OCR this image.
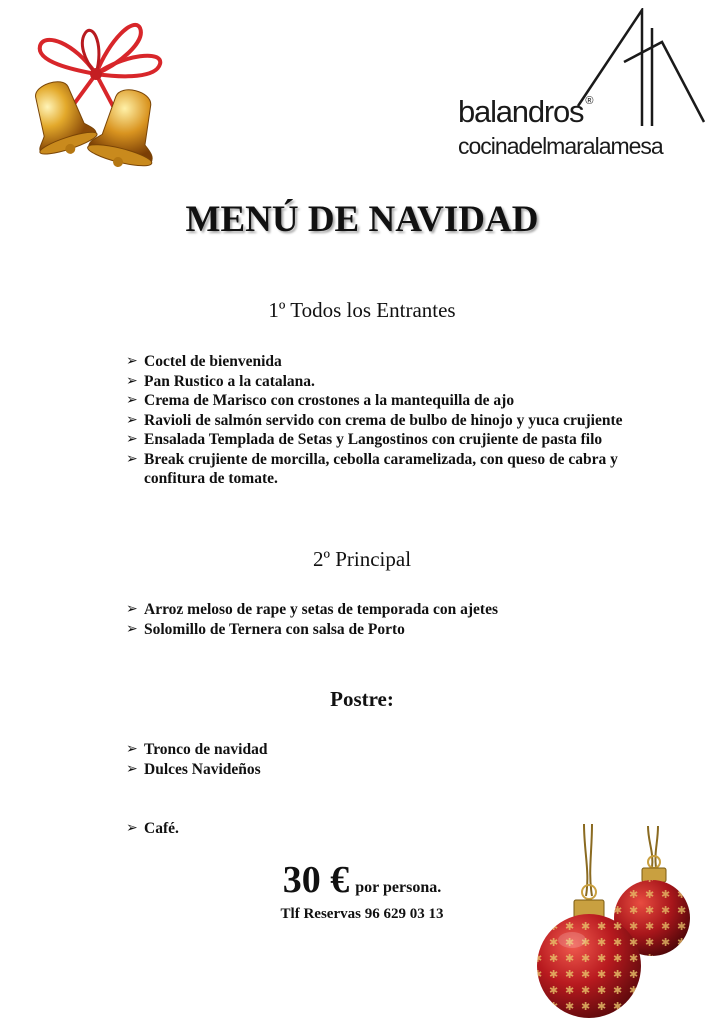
balandros ®
cocinadelmaralamesa
MENÚ DE NAVIDAD
1º Todos los Entrantes
➢ Coctel de bienvenida
➢ Pan Rustico a la catalana.
➢ Crema de Marisco con crostones a la mantequilla de ajo
➢ Ravioli de salmón servido con crema de bulbo de hinojo y yuca crujiente
➢ Ensalada Templada de Setas y Langostinos con crujiente de pasta filo
➢ Break crujiente de morcilla, cebolla caramelizada, con queso de cabra y confitura de tomate.
2º Principal
➢ Arroz meloso de rape y setas de temporada con ajetes
➢ Solomillo de Ternera con salsa de Porto
Postre:
➢ Tronco de navidad
➢ Dulces Navideños
➢ Café.
30 € por persona.
Tlf Reservas 96 629 03 13
